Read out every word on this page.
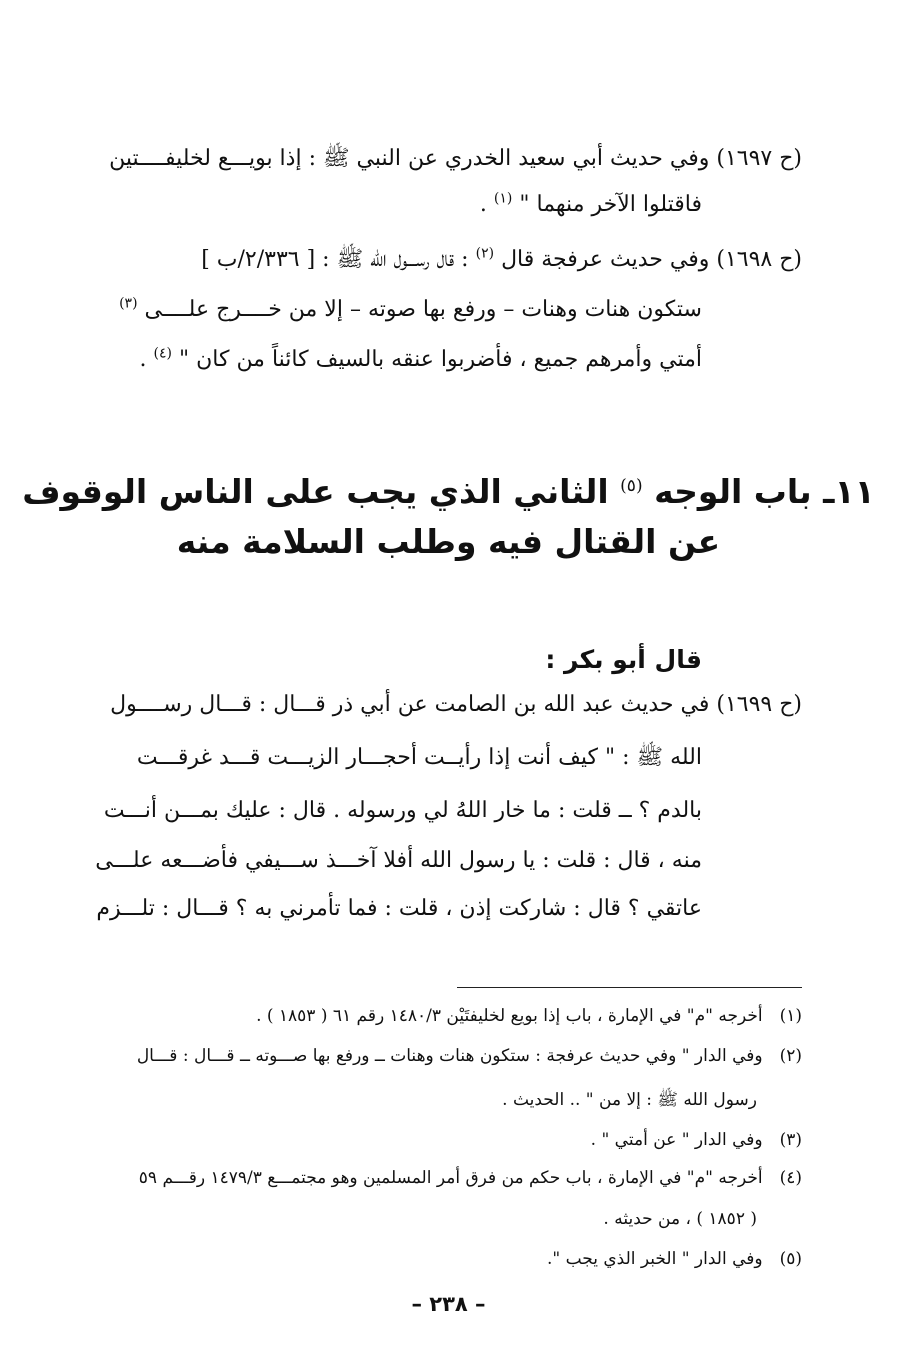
(ح ١٦٩٧) وفي حديث أبي سعيد الخدري عن النبي ﷺ : إذا بويـــع لخليفــــتين
فاقتلوا الآخر منهما " $^{(١)}$ .
(ح ١٦٩٨) وفي حديث عرفجة قال $^{(٢)}$ : قال رســـول الله ﷺ : [ ٢/٣٣٦/ب ]
ستكون هنات وهنات – ورفع بها صوته – إلا من خــــرج علــــى $^{(٣)}$
أمتي وأمرهم جميع ، فأضربوا عنقه بالسيف كائناً من كان " $^{(٤)}$ .
١١ـ باب الوجه $^{(٥)}$ الثاني الذي يجب على الناس الوقوف
عن القتال فيه وطلب السلامة منه
قال أبو بكر :
(ح ١٦٩٩) في حديث عبد الله بن الصامت عن أبي ذر قـــال : قـــال رســــول
الله ﷺ : " كيف أنت إذا رأيــت أحجـــار الزيـــت قـــد غرقـــت
بالدم ؟ ــ قلت : ما خار اللهُ لي ورسوله . قال : عليك بمـــن أنـــت
منه ، قال : قلت : يا رسول الله أفلا آخـــذ ســـيفي فأضـــعه علـــى
عاتقي ؟ قال : شاركت إذن ، قلت : فما تأمرني به ؟ قـــال : تلـــزم
(١) أخرجه "م" في الإمارة ، باب إذا بويع لخليفتَيْن ١٤٨٠/٣ رقم ٦١ ( ١٨٥٣ ) .
(٢) وفي الدار " وفي حديث عرفجة : ستكون هنات وهنات ــ ورفع بها صـــوته ــ قـــال : قـــال
رسول الله ﷺ : إلا من " .. الحديث .
(٣) وفي الدار " عن أمتي " .
(٤) أخرجه "م" في الإمارة ، باب حكم من فرق أمر المسلمين وهو مجتمـــع ١٤٧٩/٣ رقـــم ٥٩
( ١٨٥٢ ) ، من حديثه .
(٥) وفي الدار " الخبر الذي يجب ".
– ٢٣٨ –
